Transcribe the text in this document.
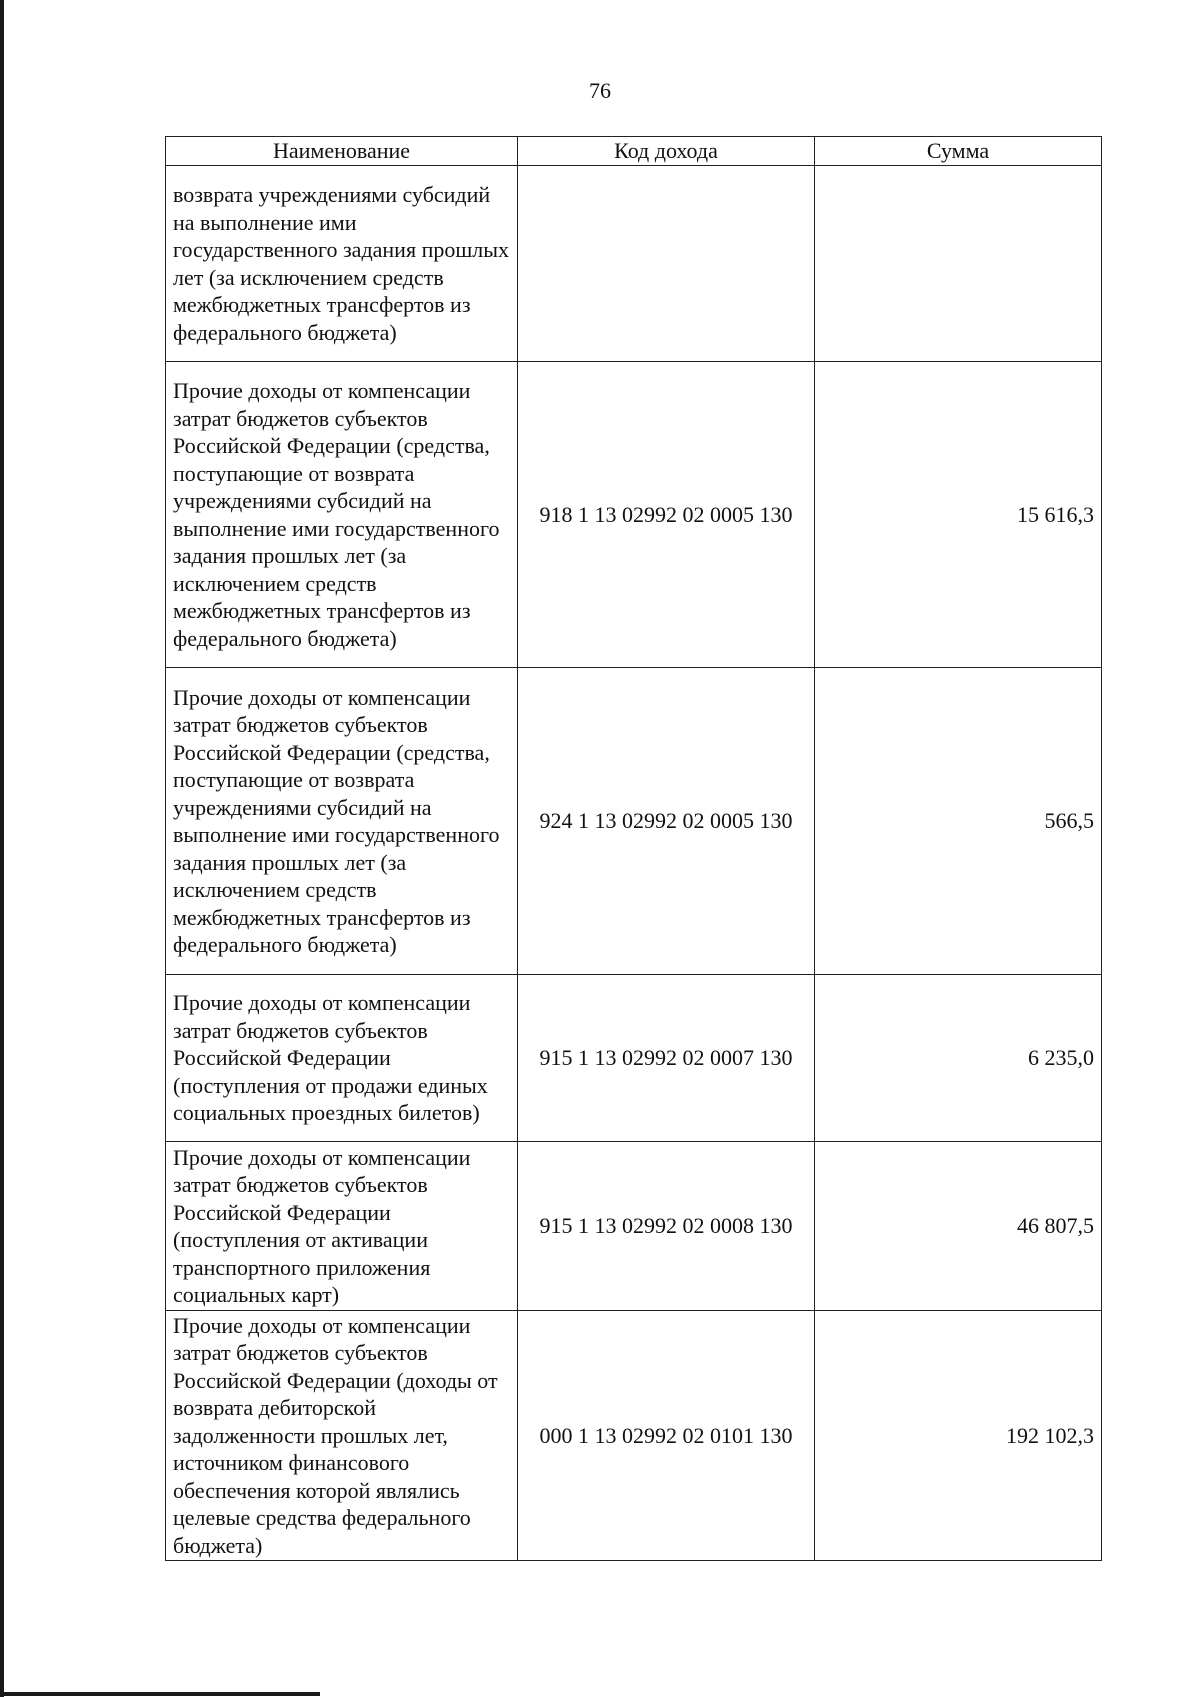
76
Наименование	Код дохода	Сумма
возврата учреждениями субсидий на выполнение ими государственного задания прошлых лет (за исключением средств межбюджетных трансфертов из федерального бюджета)		
Прочие доходы от компенсации затрат бюджетов субъектов Российской Федерации (средства, поступающие от возврата учреждениями субсидий на выполнение ими государственного задания прошлых лет (за исключением средств межбюджетных трансфертов из федерального бюджета)	918 1 13 02992 02 0005 130	15 616,3
Прочие доходы от компенсации затрат бюджетов субъектов Российской Федерации (средства, поступающие от возврата учреждениями субсидий на выполнение ими государственного задания прошлых лет (за исключением средств межбюджетных трансфертов из федерального бюджета)	924 1 13 02992 02 0005 130	566,5
Прочие доходы от компенсации затрат бюджетов субъектов Российской Федерации (поступления от продажи единых социальных проездных билетов)	915 1 13 02992 02 0007 130	6 235,0
Прочие доходы от компенсации затрат бюджетов субъектов Российской Федерации (поступления от активации транспортного приложения социальных карт)	915 1 13 02992 02 0008 130	46 807,5
Прочие доходы от компенсации затрат бюджетов субъектов Российской Федерации (доходы от возврата дебиторской задолженности прошлых лет, источником финансового обеспечения которой являлись целевые средства федерального бюджета)	000 1 13 02992 02 0101 130	192 102,3
